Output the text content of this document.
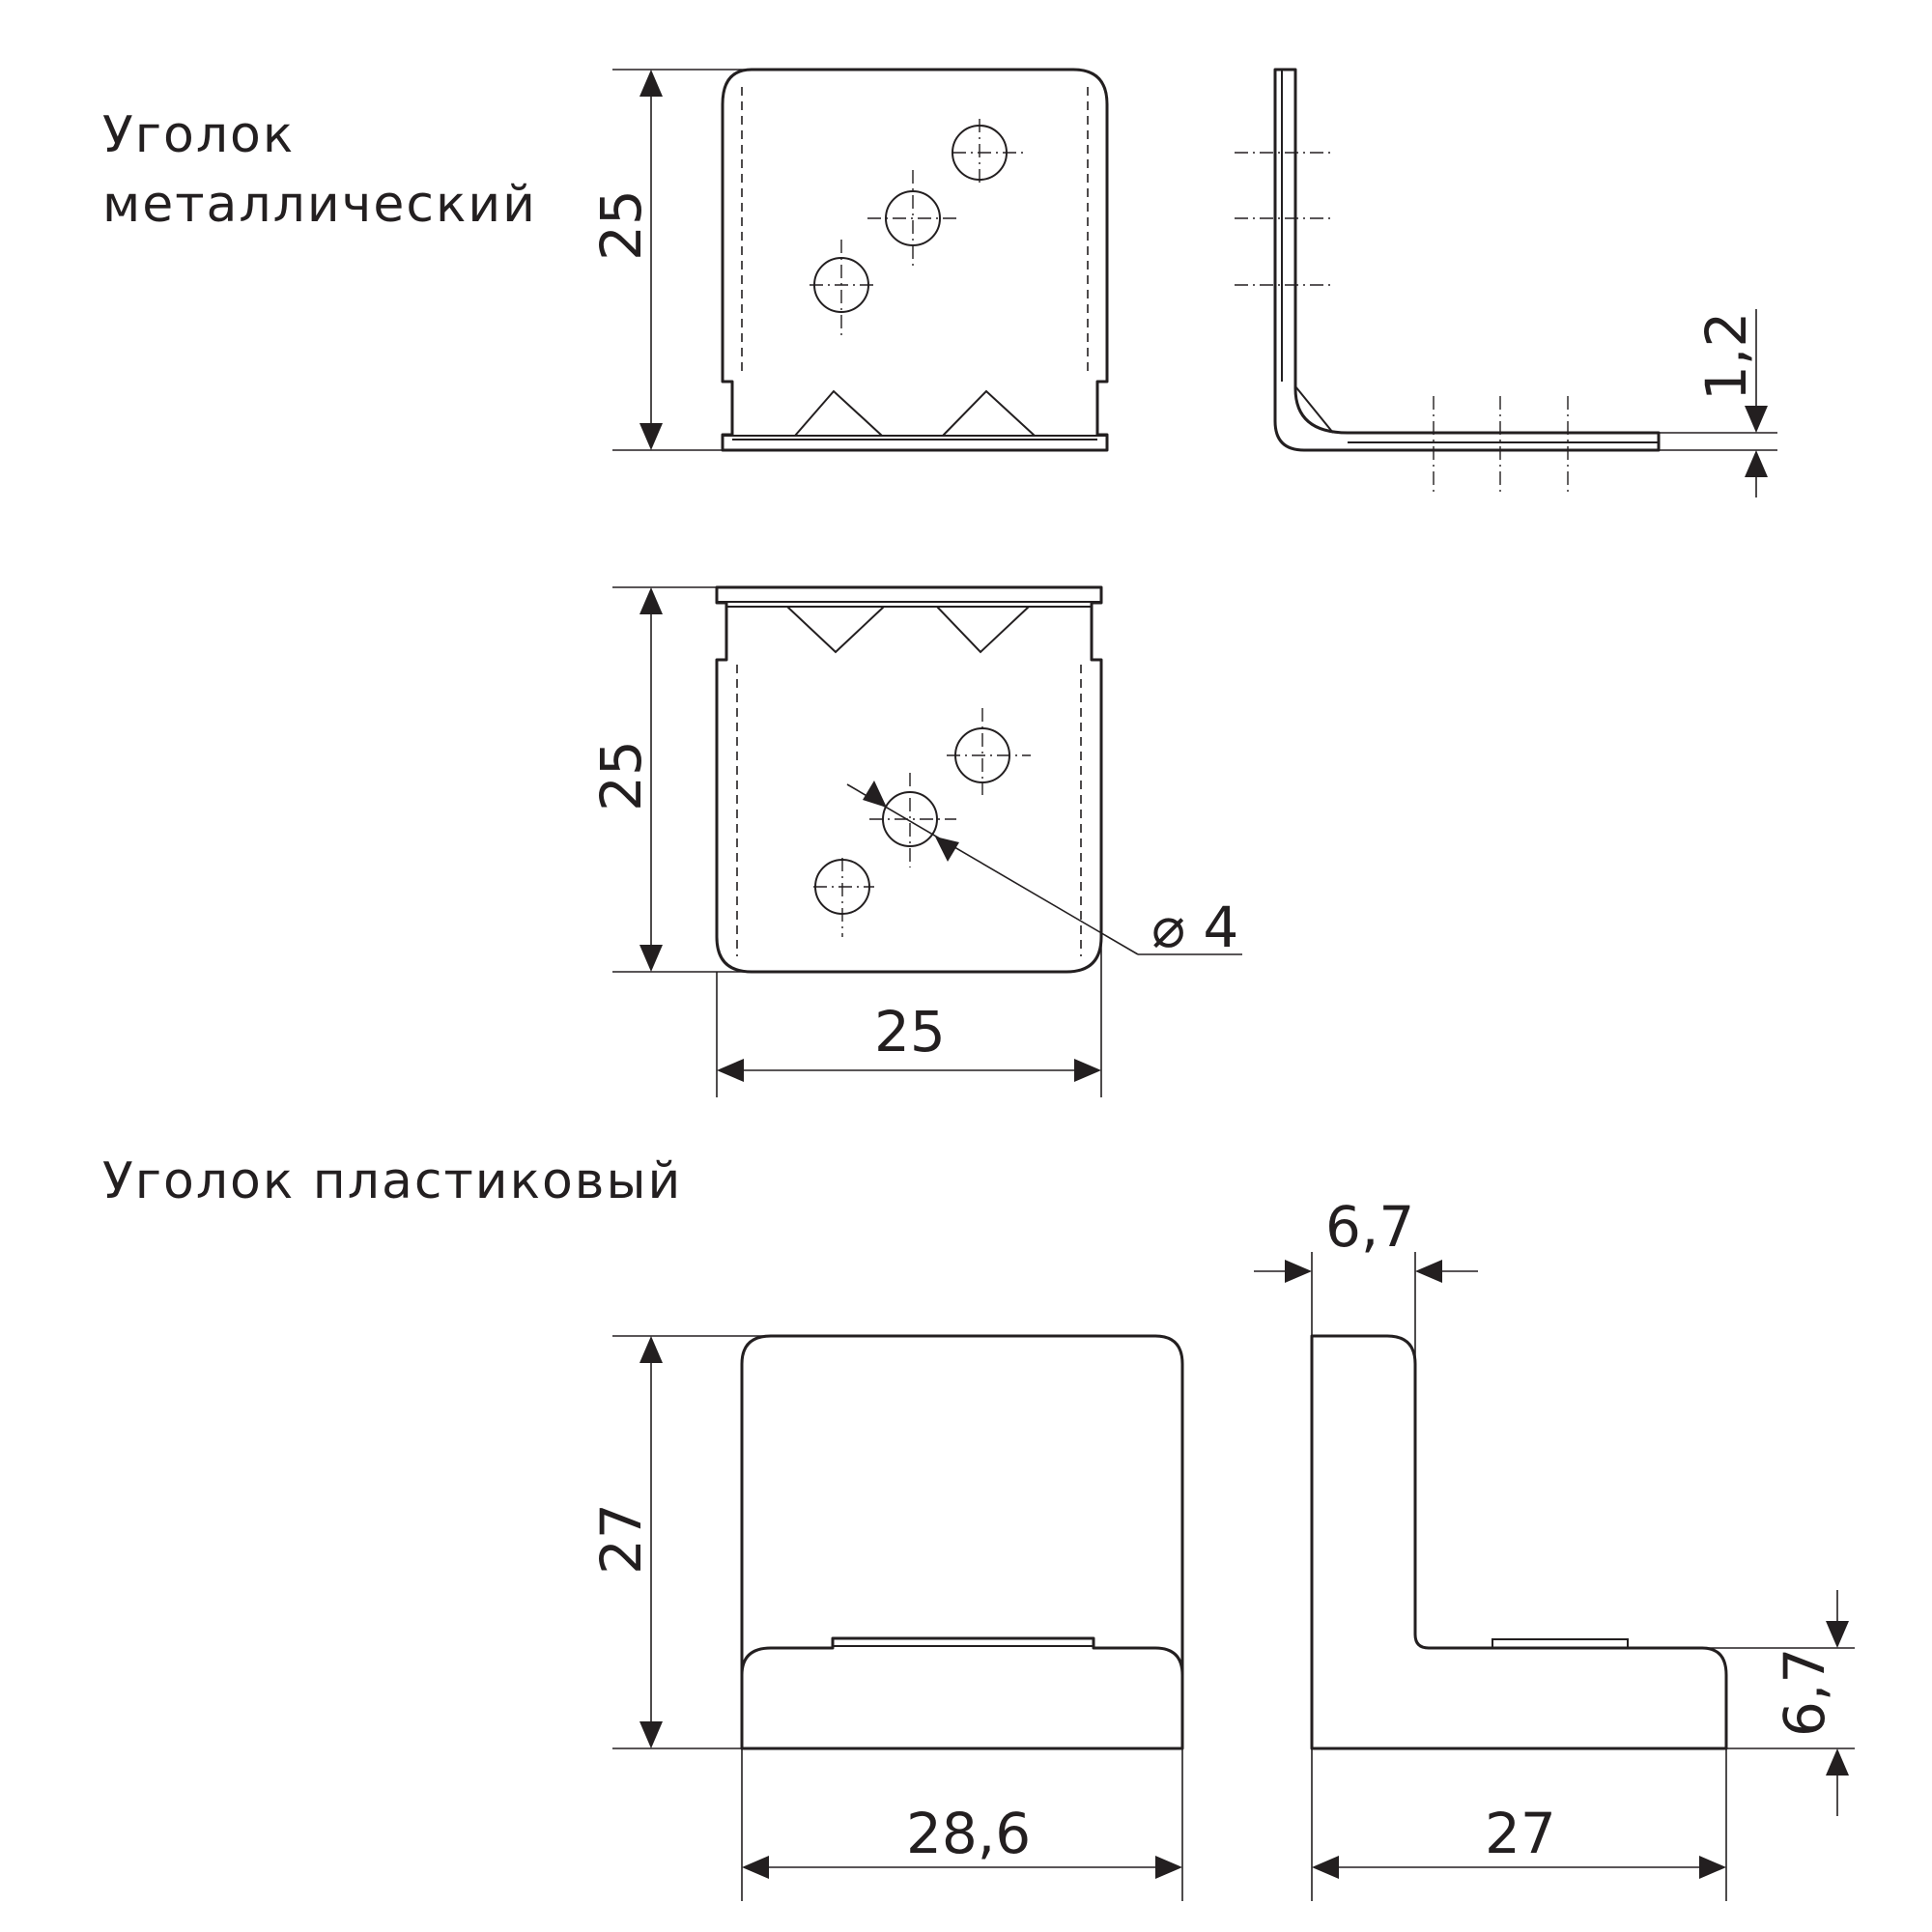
Уголок
металлический
Уголок пластиковый
25
1,2
⌀ 4
25
25
27
28,6
6,7
6,7
27
